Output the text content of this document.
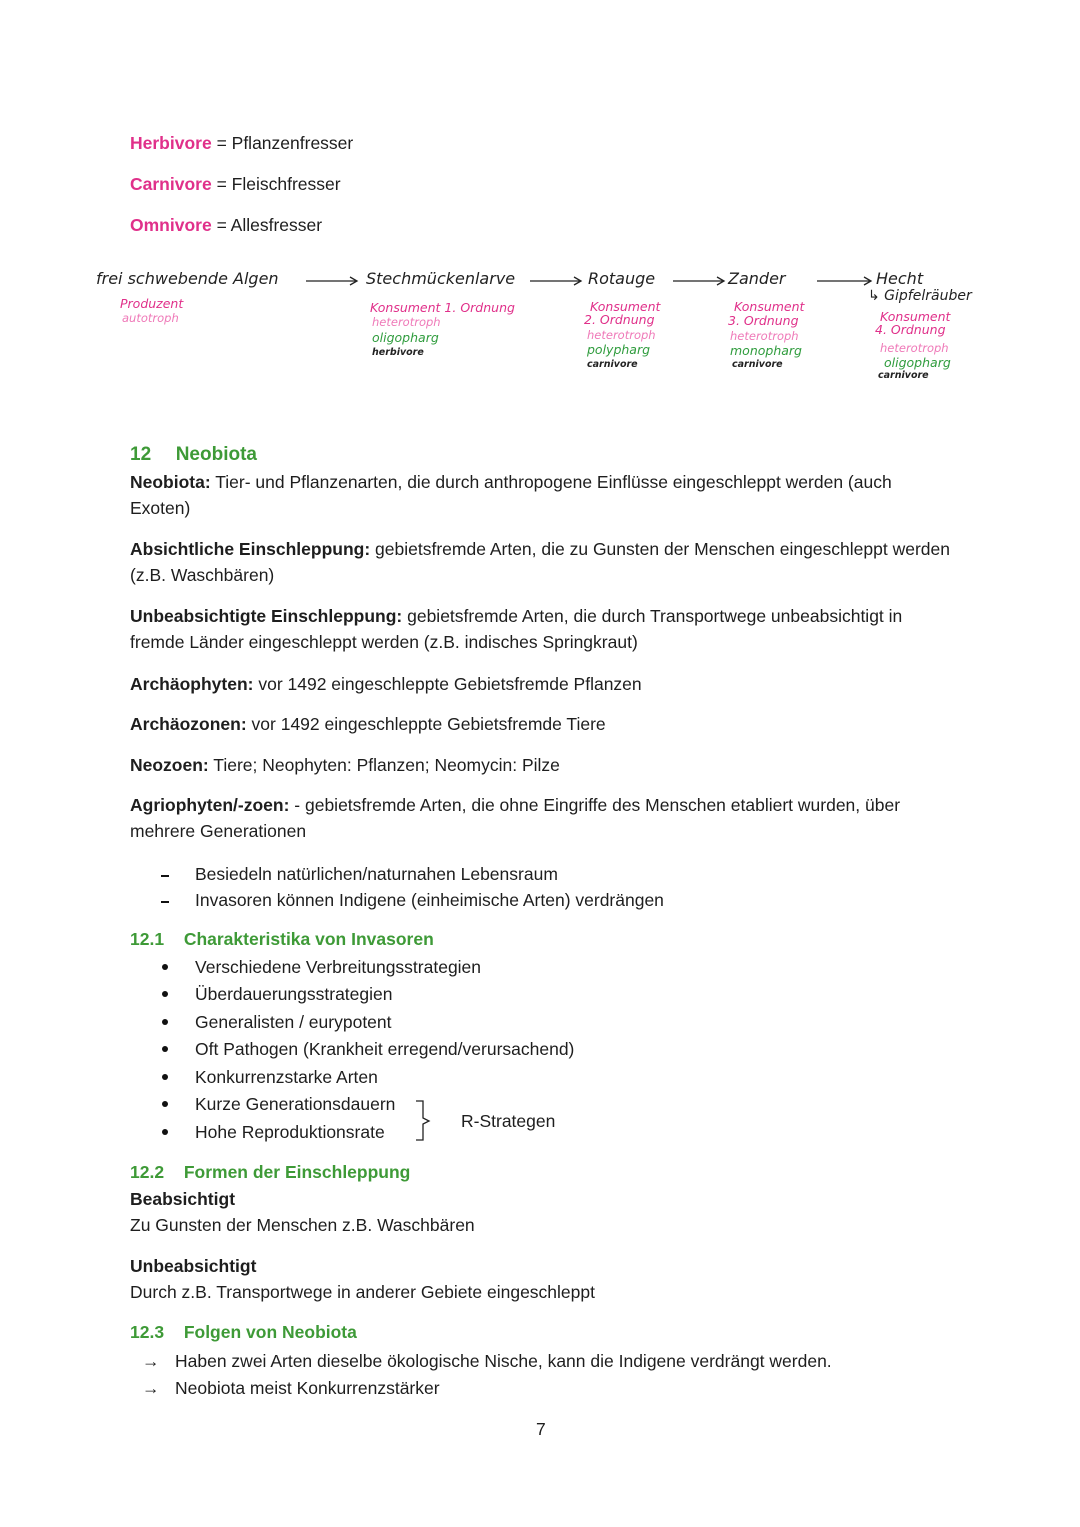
Herbivore = Pflanzenfresser
Carnivore = Fleischfresser
Omnivore = Allesfresser
frei schwebende Algen
Produzent
autotroph
Stechmückenlarve
Konsument 1. Ordnung
heterotroph
oligopharg
herbivore
Rotauge
Konsument
2. Ordnung
heterotroph
polypharg
carnivore
Zander
Konsument
3. Ordnung
heterotroph
monopharg
carnivore
Hecht
↳ Gipfelräuber
Konsument
4. Ordnung
heterotroph
oligopharg
carnivore
12 Neobiota
Neobiota: Tier- und Pflanzenarten, die durch anthropogene Einflüsse eingeschleppt werden (auch Exoten)
Absichtliche Einschleppung: gebietsfremde Arten, die zu Gunsten der Menschen eingeschleppt werden (z.B. Waschbären)
Unbeabsichtigte Einschleppung: gebietsfremde Arten, die durch Transportwege unbeabsichtigt in fremde Länder eingeschleppt werden (z.B. indisches Springkraut)
Archäophyten: vor 1492 eingeschleppte Gebietsfremde Pflanzen
Archäozonen: vor 1492 eingeschleppte Gebietsfremde Tiere
Neozoen: Tiere; Neophyten: Pflanzen; Neomycin: Pilze
Agriophyten/-zoen: - gebietsfremde Arten, die ohne Eingriffe des Menschen etabliert wurden, über mehrere Generationen
Besiedeln natürlichen/naturnahen Lebensraum
Invasoren können Indigene (einheimische Arten) verdrängen
12.1 Charakteristika von Invasoren
Verschiedene Verbreitungsstrategien
Überdauerungsstrategien
Generalisten / eurypotent
Oft Pathogen (Krankheit erregend/verursachend)
Konkurrenzstarke Arten
Kurze Generationsdauern
Hohe Reproduktionsrate
R-Strategen
12.2 Formen der Einschleppung
Beabsichtigt
Zu Gunsten der Menschen z.B. Waschbären
Unbeabsichtigt
Durch z.B. Transportwege in anderer Gebiete eingeschleppt
12.3 Folgen von Neobiota
→ Haben zwei Arten dieselbe ökologische Nische, kann die Indigene verdrängt werden.
→ Neobiota meist Konkurrenzstärker
7
